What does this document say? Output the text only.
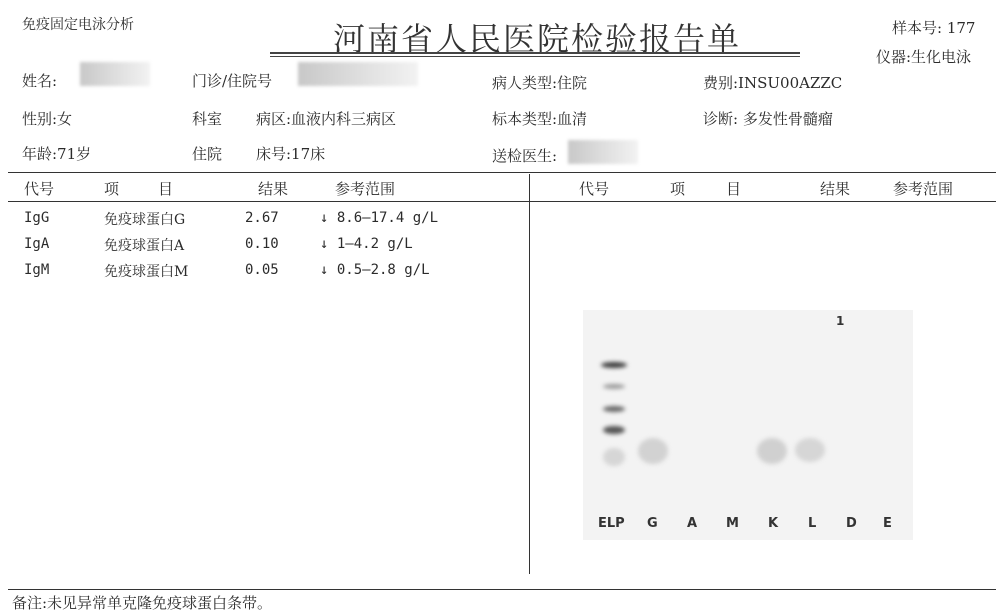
免疫固定电泳分析	河南省人民医院检验报告单	样本号: 177
仪器:生化电泳
姓名:	门诊/住院号	病人类型:住院	费别:INSU00AZZC
性别:女	科室 病区:血液内科三病区	标本类型:血清	诊断: 多发性骨髓瘤
年龄:71岁	住院 床号:17床	送检医生:
代号	项	目	结果	参考范围	代号	项	目	结果	参考范围
IgG	免疫球蛋白G	2.67	↓ 8.6—17.4 g/L
IgA	免疫球蛋白A	0.10	↓ 1—4.2 g/L
IgM	免疫球蛋白M	0.05	↓ 0.5—2.8 g/L
1
ELP G A M K L D E
备注:未见异常单克隆免疫球蛋白条带。
